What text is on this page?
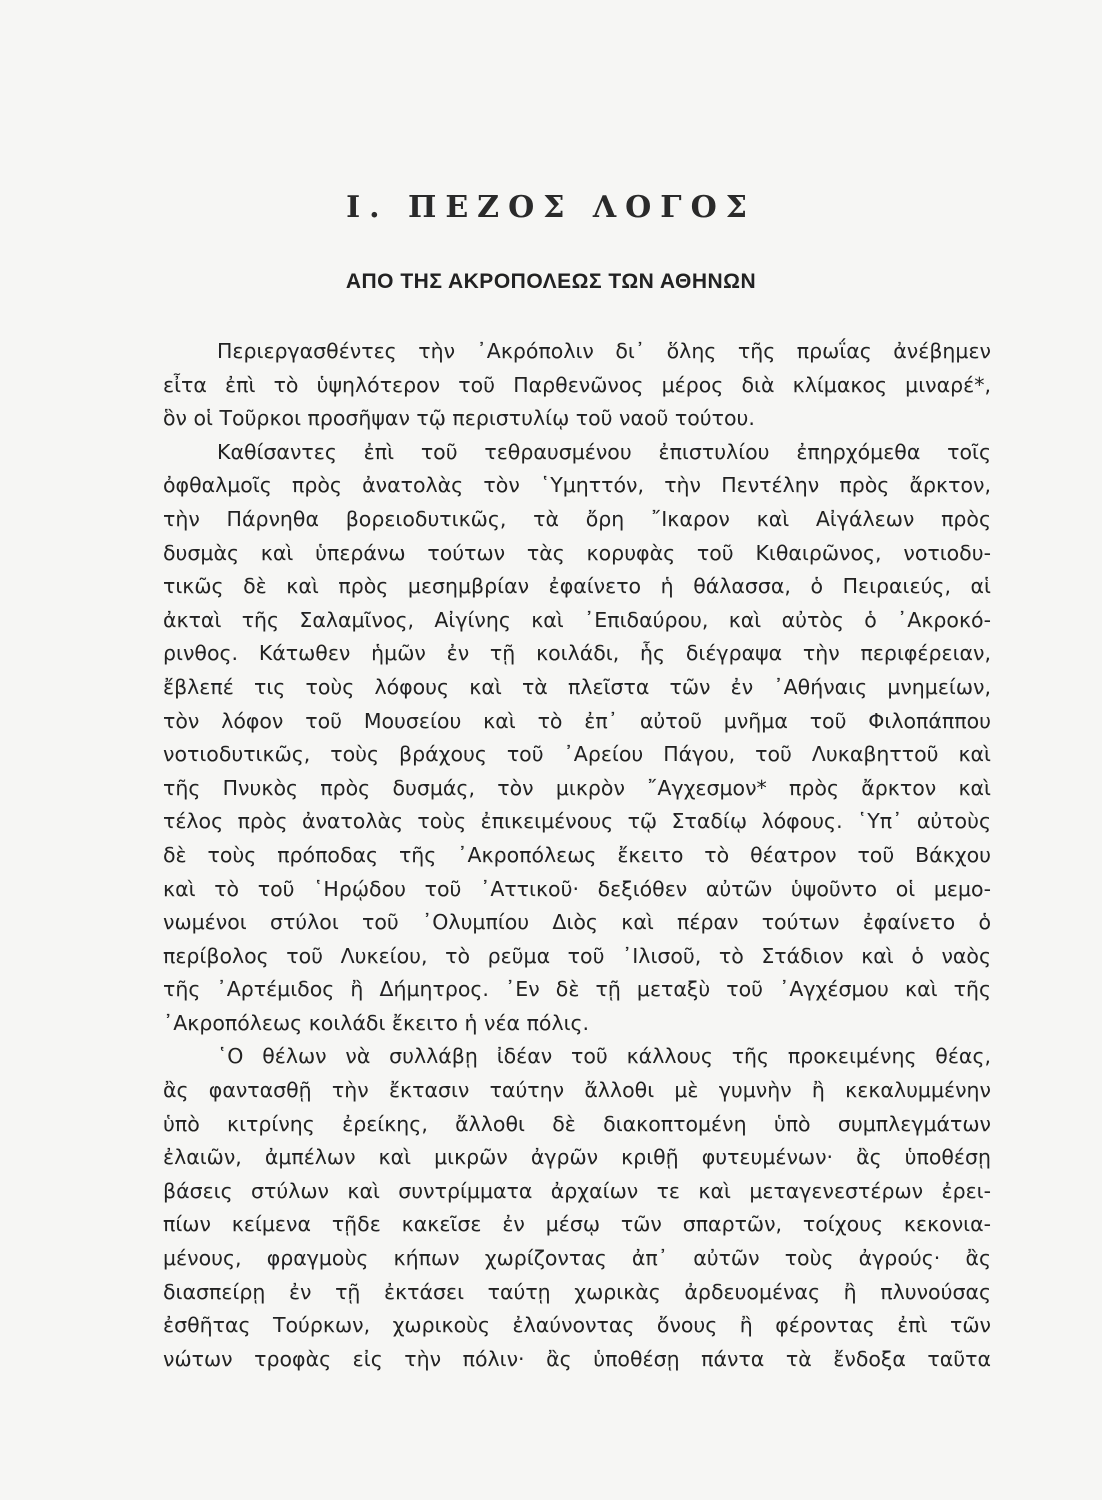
I. ΠΕΖΟΣ ΛΟΓΟΣ
ΑΠΟ ΤΗΣ ΑΚΡΟΠΟΛΕΩΣ ΤΩΝ ΑΘΗΝΩΝ
Περιεργασθέντες τὴν ᾿Ακρόπολιν δι᾿ ὅλης τῆς πρωΐας ἀνέβημεν
εἶτα ἐπὶ τὸ ὑψηλότερον τοῦ Παρθενῶνος μέρος διὰ κλίμακος μιναρέ*,
ὃν οἱ Τοῦρκοι προσῆψαν τῷ περιστυλίῳ τοῦ ναοῦ τούτου.
Καθίσαντες ἐπὶ τοῦ τεθραυσμένου ἐπιστυλίου ἐπηρχόμεθα τοῖς
ὀφθαλμοῖς πρὸς ἀνατολὰς τὸν ῾Υμηττόν, τὴν Πεντέλην πρὸς ἄρκτον,
τὴν Πάρνηθα βορειοδυτικῶς, τὰ ὄρη ῎Ικαρον καὶ Αἰγάλεων πρὸς
δυσμὰς καὶ ὑπεράνω τούτων τὰς κορυφὰς τοῦ Κιθαιρῶνος, νοτιοδυ-
τικῶς δὲ καὶ πρὸς μεσημβρίαν ἐφαίνετο ἡ θάλασσα, ὁ Πειραιεύς, αἱ
ἀκταὶ τῆς Σαλαμῖνος, Αἰγίνης καὶ ᾿Επιδαύρου, καὶ αὐτὸς ὁ ᾿Ακροκό-
ρινθος. Κάτωθεν ἡμῶν ἐν τῇ κοιλάδι, ἧς διέγραψα τὴν περιφέρειαν,
ἔβλεπέ τις τοὺς λόφους καὶ τὰ πλεῖστα τῶν ἐν ᾿Αθήναις μνημείων,
τὸν λόφον τοῦ Μουσείου καὶ τὸ ἐπ᾿ αὐτοῦ μνῆμα τοῦ Φιλοπάππου
νοτιοδυτικῶς, τοὺς βράχους τοῦ ᾿Αρείου Πάγου, τοῦ Λυκαβηττοῦ καὶ
τῆς Πνυκὸς πρὸς δυσμάς, τὸν μικρὸν ῎Αγχεσμον* πρὸς ἄρκτον καὶ
τέλος πρὸς ἀνατολὰς τοὺς ἐπικειμένους τῷ Σταδίῳ λόφους. ῾Υπ᾿ αὐτοὺς
δὲ τοὺς πρόποδας τῆς ᾿Ακροπόλεως ἔκειτο τὸ θέατρον τοῦ Βάκχου
καὶ τὸ τοῦ ῾Ηρῴδου τοῦ ᾿Αττικοῦ· δεξιόθεν αὐτῶν ὑψοῦντο οἱ μεμο-
νωμένοι στύλοι τοῦ ᾿Ολυμπίου Διὸς καὶ πέραν τούτων ἐφαίνετο ὁ
περίβολος τοῦ Λυκείου, τὸ ρεῦμα τοῦ ᾿Ιλισοῦ, τὸ Στάδιον καὶ ὁ ναὸς
τῆς ᾿Αρτέμιδος ἢ Δήμητρος. ᾿Εν δὲ τῇ μεταξὺ τοῦ ᾿Αγχέσμου καὶ τῆς
᾿Ακροπόλεως κοιλάδι ἔκειτο ἡ νέα πόλις.
῾Ο θέλων νὰ συλλάβῃ ἰδέαν τοῦ κάλλους τῆς προκειμένης θέας,
ἂς φαντασθῇ τὴν ἔκτασιν ταύτην ἄλλοθι μὲ γυμνὴν ἢ κεκαλυμμένην
ὑπὸ κιτρίνης ἐρείκης, ἄλλοθι δὲ διακοπτομένη ὑπὸ συμπλεγμάτων
ἐλαιῶν, ἀμπέλων καὶ μικρῶν ἀγρῶν κριθῇ φυτευμένων· ἂς ὑποθέσῃ
βάσεις στύλων καὶ συντρίμματα ἀρχαίων τε καὶ μεταγενεστέρων ἐρει-
πίων κείμενα τῇδε κακεῖσε ἐν μέσῳ τῶν σπαρτῶν, τοίχους κεκονια-
μένους, φραγμοὺς κήπων χωρίζοντας ἀπ᾿ αὐτῶν τοὺς ἀγρούς· ἂς
διασπείρῃ ἐν τῇ ἐκτάσει ταύτῃ χωρικὰς ἀρδευομένας ἢ πλυνούσας
ἐσθῆτας Τούρκων, χωρικοὺς ἐλαύνοντας ὄνους ἢ φέροντας ἐπὶ τῶν
νώτων τροφὰς εἰς τὴν πόλιν· ἂς ὑποθέσῃ πάντα τὰ ἔνδοξα ταῦτα
